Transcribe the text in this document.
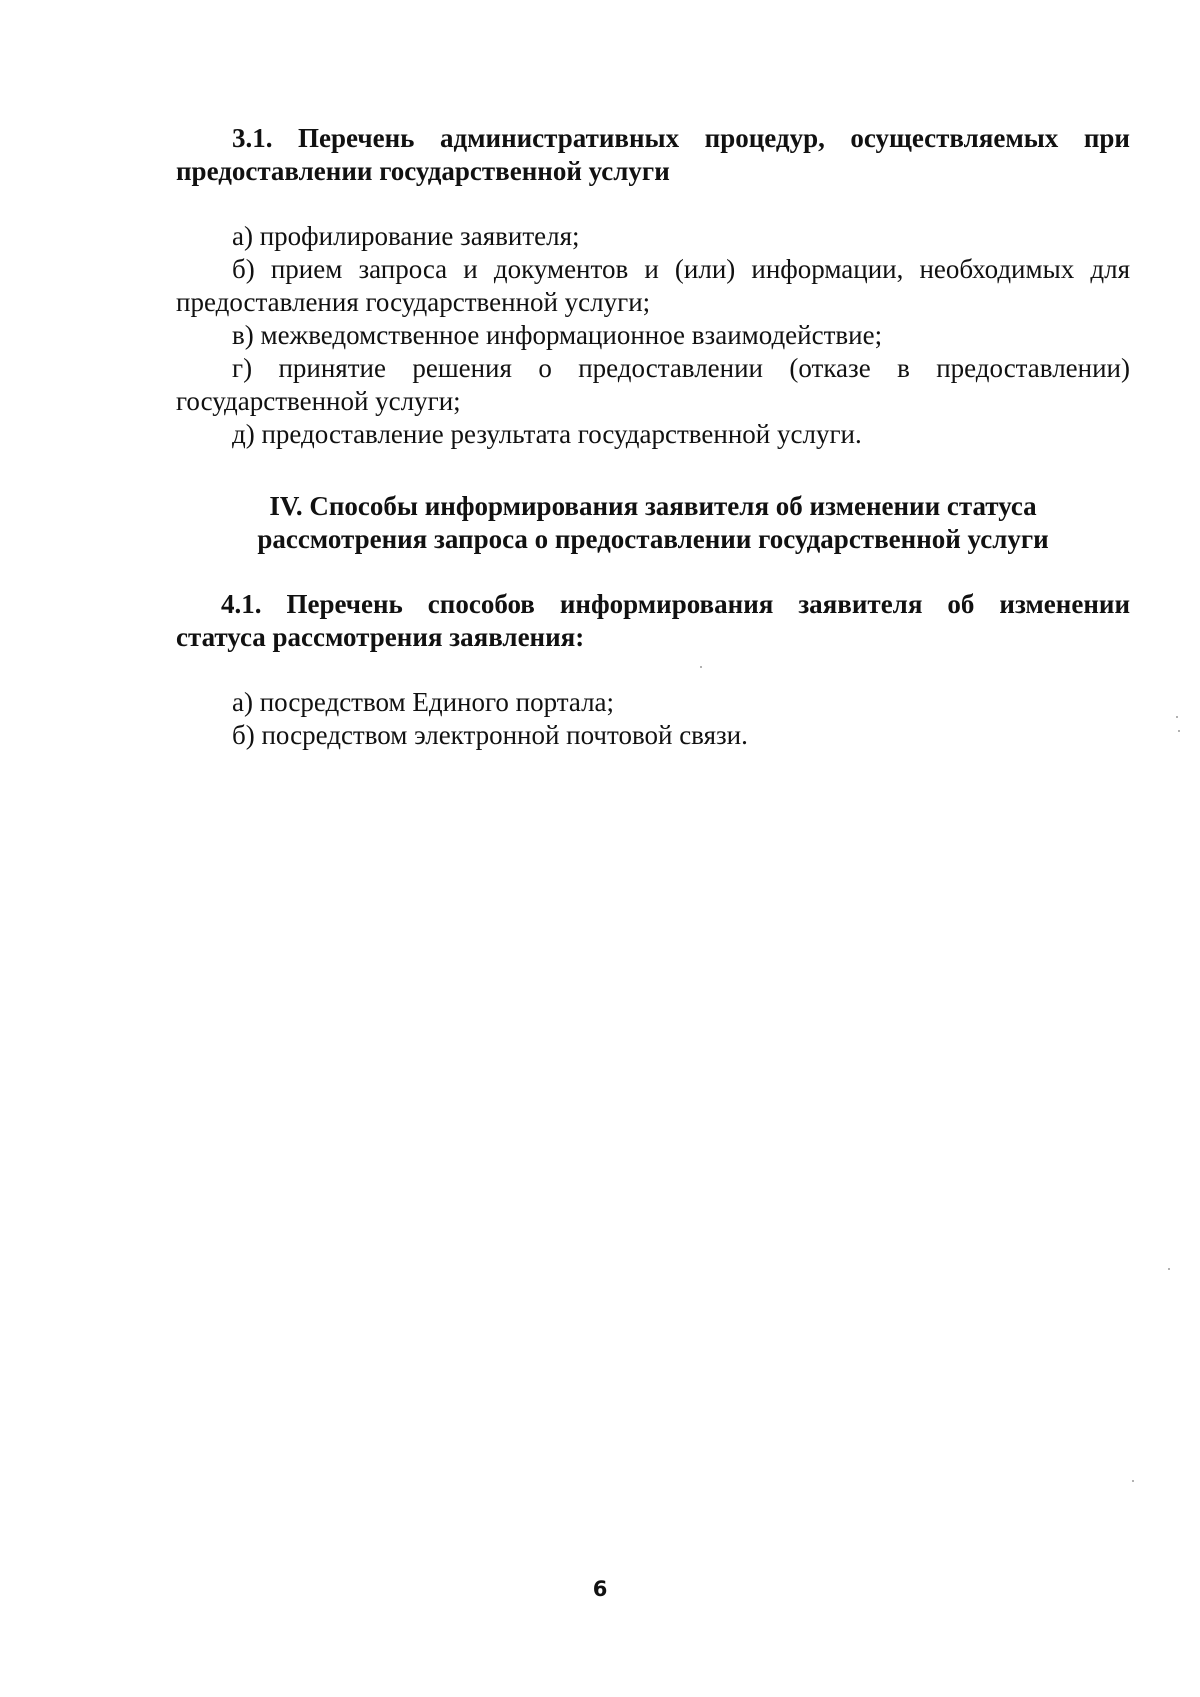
3.1. Перечень административных процедур, осуществляемых при
предоставлении государственной услуги
а) профилирование заявителя;
б) прием запроса и документов и (или) информации, необходимых для
предоставления государственной услуги;
в) межведомственное информационное взаимодействие;
г) принятие решения о предоставлении (отказе в предоставлении)
государственной услуги;
д) предоставление результата государственной услуги.
IV. Способы информирования заявителя об изменении статуса
рассмотрения запроса о предоставлении государственной услуги
4.1. Перечень способов информирования заявителя об изменении
статуса рассмотрения заявления:
а) посредством Единого портала;
б) посредством электронной почтовой связи.
6
